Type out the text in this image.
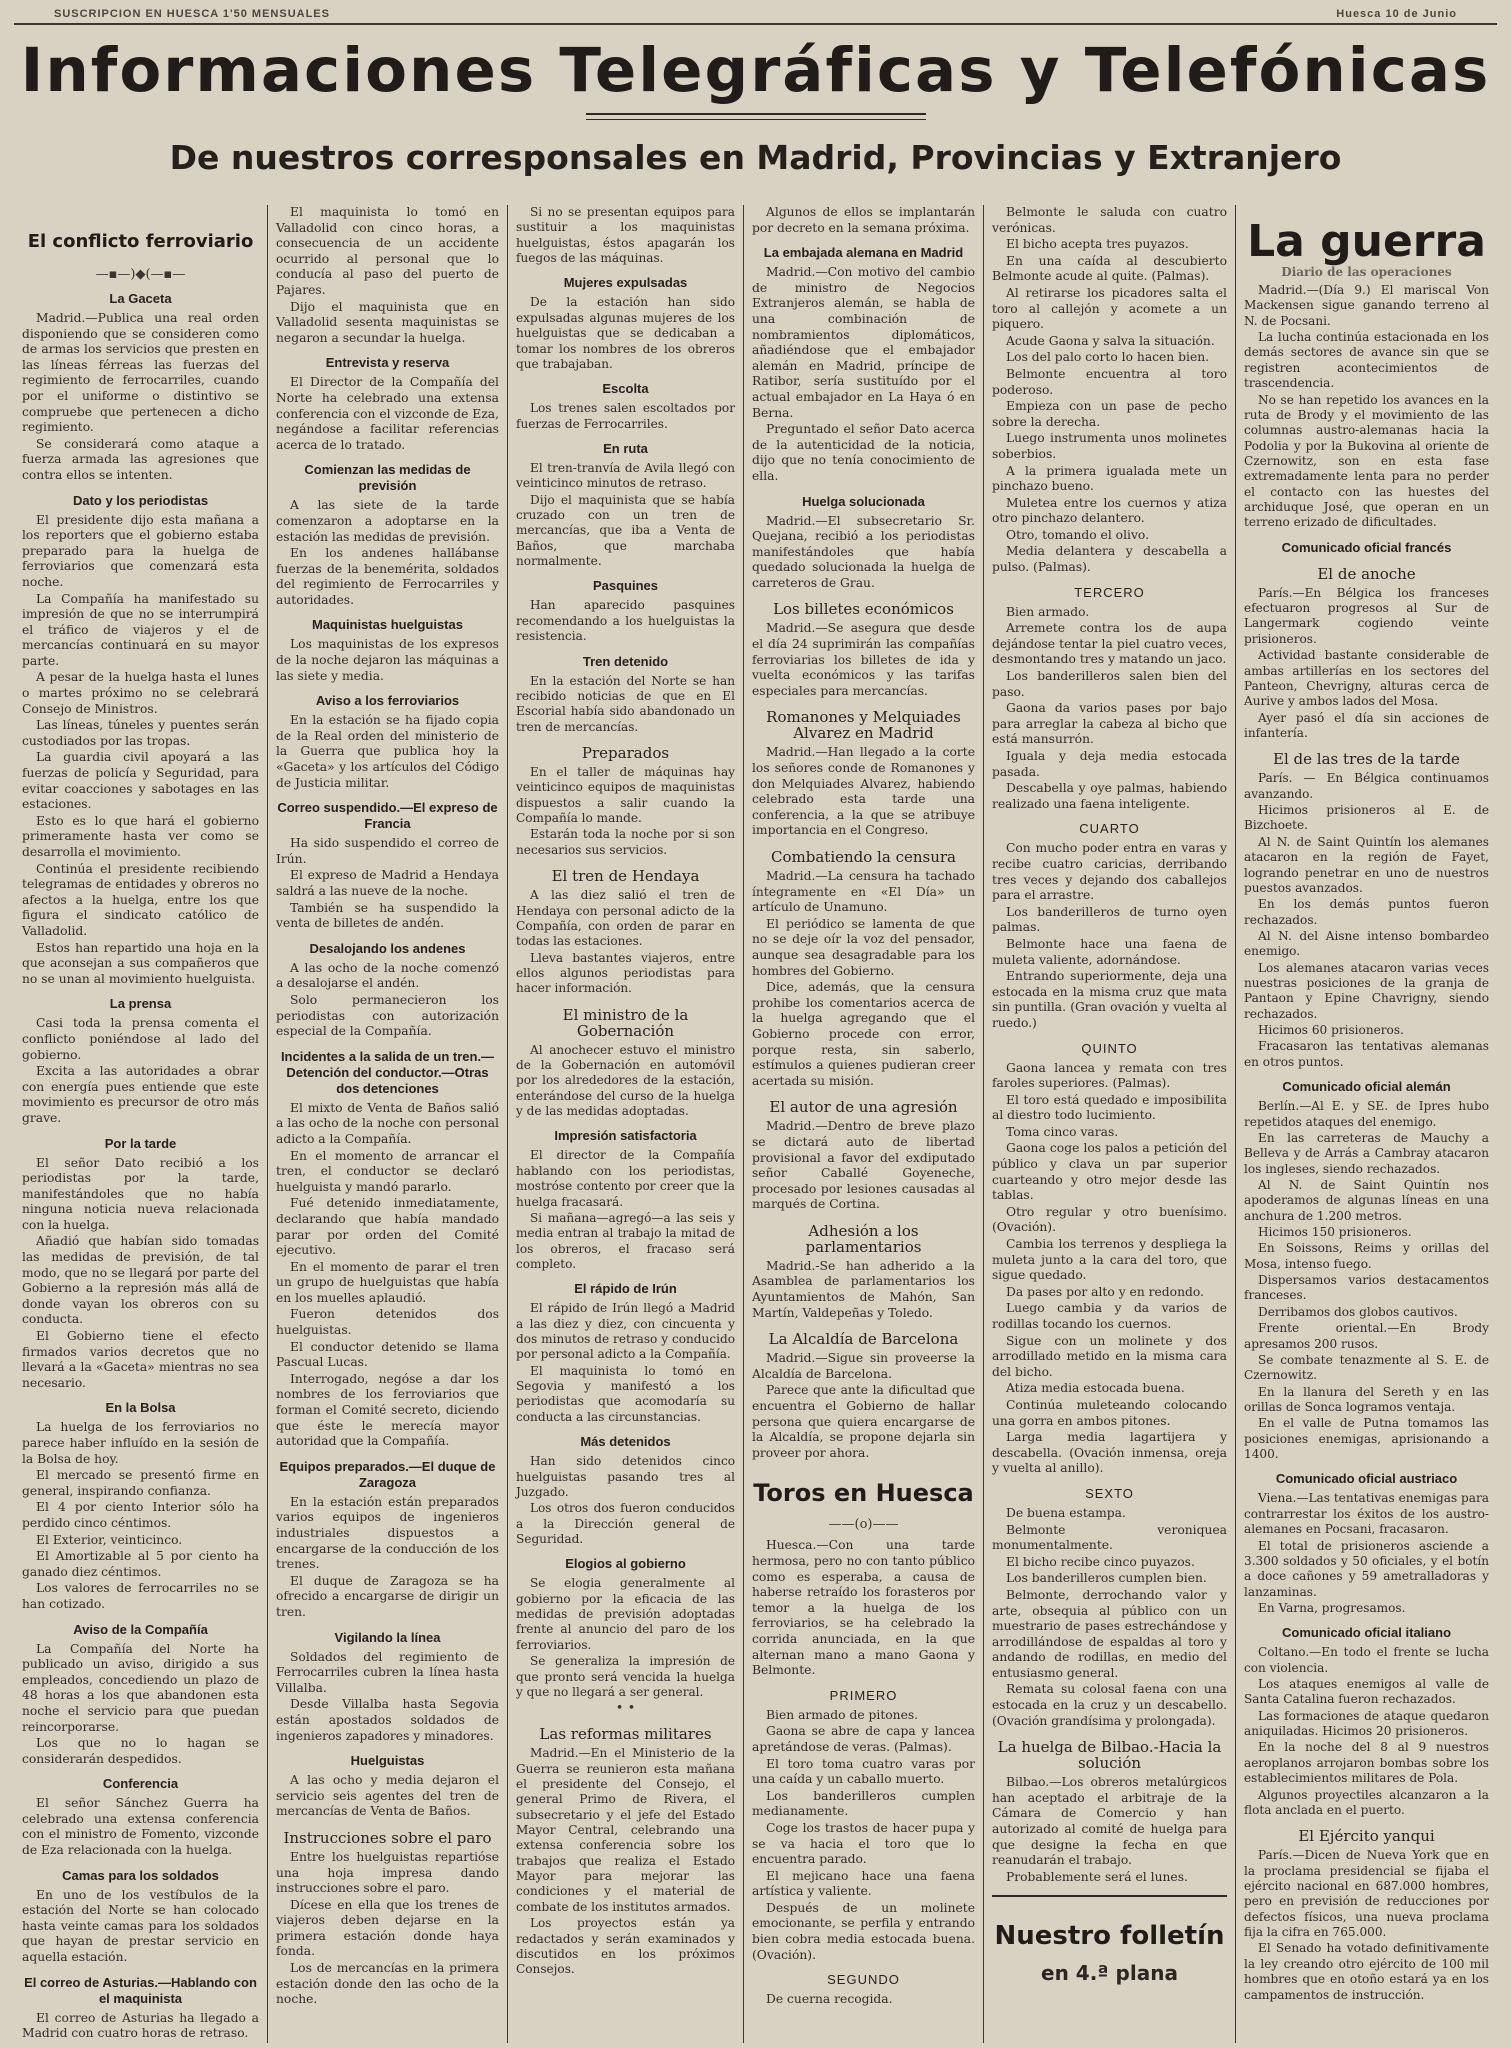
SUSCRIPCION EN HUESCA 1'50 MENSUALES	Huesca 10 de Junio
Informaciones Telegráficas y Telefónicas
De nuestros corresponsales en Madrid, Provincias y Extranjero
El conflicto ferroviario
—▪—)◆(—▪—
La Gaceta

Madrid.—Publica una real orden disponiendo que se consideren como de armas los servicios que presten en las líneas férreas las fuerzas del regimiento de ferrocarriles, cuando por el uniforme o distintivo se compruebe que pertenecen a dicho regimiento.

Se considerará como ataque a fuerza armada las agresiones que contra ellos se intenten.

Dato y los periodistas

El presidente dijo esta mañana a los reporters que el gobierno estaba preparado para la huelga de ferroviarios que comenzará esta noche.

La Compañía ha manifestado su impresión de que no se interrumpirá el tráfico de viajeros y el de mercancías continuará en su mayor parte.

A pesar de la huelga hasta el lunes o martes próximo no se celebrará Consejo de Ministros.

Las líneas, túneles y puentes serán custodiados por las tropas.

La guardia civil apoyará a las fuerzas de policía y Seguridad, para evitar coacciones y sabotages en las estaciones.

Esto es lo que hará el gobierno primeramente hasta ver como se desarrolla el movimiento.

Continúa el presidente recibiendo telegramas de entidades y obreros no afectos a la huelga, entre los que figura el sindicato católico de Valladolid.

Estos han repartido una hoja en la que aconsejan a sus compañeros que no se unan al movimiento huelguista.

La prensa

Casi toda la prensa comenta el conflicto poniéndose al lado del gobierno.

Excita a las autoridades a obrar con energía pues entiende que este movimiento es precursor de otro más grave.

Por la tarde

El señor Dato recibió a los periodistas por la tarde, manifestándoles que no había ninguna noticia nueva relacionada con la huelga.

Añadió que habían sido tomadas las medidas de previsión, de tal modo, que no se llegará por parte del Gobierno a la represión más allá de donde vayan los obreros con su conducta.

El Gobierno tiene el efecto firmados varios decretos que no llevará a la «Gaceta» mientras no sea necesario.

En la Bolsa

La huelga de los ferroviarios no parece haber influído en la sesión de la Bolsa de hoy.

El mercado se presentó firme en general, inspirando confianza.

El 4 por ciento Interior sólo ha perdido cinco céntimos.

El Exterior, veinticinco.

El Amortizable al 5 por ciento ha ganado diez céntimos.

Los valores de ferrocarriles no se han cotizado.

Aviso de la Compañía

La Compañía del Norte ha publicado un aviso, dirigido a sus empleados, concediendo un plazo de 48 horas a los que abandonen esta noche el servicio para que puedan reincorporarse.

Los que no lo hagan se considerarán despedidos.

Conferencia

El señor Sánchez Guerra ha celebrado una extensa conferencia con el ministro de Fomento, vizconde de Eza relacionada con la huelga.

Camas para los soldados

En uno de los vestíbulos de la estación del Norte se han colocado hasta veinte camas para los soldados que hayan de prestar servicio en aquella estación.

El correo de Asturias.—Hablando con el maquinista

El correo de Asturias ha llegado a Madrid con cuatro horas de retraso.

El maquinista lo tomó en Valladolid con cinco horas, a consecuencia de un accidente ocurrido al personal que lo conducía al paso del puerto de Pajares.

Dijo el maquinista que en Valladolid sesenta maquinistas se negaron a secundar la huelga.

Entrevista y reserva

El Director de la Compañía del Norte ha celebrado una extensa conferencia con el vizconde de Eza, negándose a facilitar referencias acerca de lo tratado.

Comienzan las medidas de previsión

A las siete de la tarde comenzaron a adoptarse en la estación las medidas de previsión.

En los andenes hallábanse fuerzas de la benemérita, soldados del regimiento de Ferrocarriles y autoridades.

Maquinistas huelguistas

Los maquinistas de los expresos de la noche dejaron las máquinas a las siete y media.

Aviso a los ferroviarios

En la estación se ha fijado copia de la Real orden del ministerio de la Guerra que publica hoy la «Gaceta» y los artículos del Código de Justicia militar.

Correo suspendido.—El expreso de Francia

Ha sido suspendido el correo de Irún.

El expreso de Madrid a Hendaya saldrá a las nueve de la noche.

También se ha suspendido la venta de billetes de andén.

Desalojando los andenes

A las ocho de la noche comenzó a desalojarse el andén.

Solo permanecieron los periodistas con autorización especial de la Compañía.

Incidentes a la salida de un tren.—Detención del conductor.—Otras dos detenciones

El mixto de Venta de Baños salió a las ocho de la noche con personal adicto a la Compañía.

En el momento de arrancar el tren, el conductor se declaró huelguista y mandó pararlo.

Fué detenido inmediatamente, declarando que había mandado parar por orden del Comité ejecutivo.

En el momento de parar el tren un grupo de huelguistas que había en los muelles aplaudió.

Fueron detenidos dos huelguistas.

El conductor detenido se llama Pascual Lucas.

Interrogado, negóse a dar los nombres de los ferroviarios que forman el Comité secreto, diciendo que éste le merecía mayor autoridad que la Compañía.

Equipos preparados.—El duque de Zaragoza

En la estación están preparados varios equipos de ingenieros industriales dispuestos a encargarse de la conducción de los trenes.

El duque de Zaragoza se ha ofrecido a encargarse de dirigir un tren.

Vigilando la línea

Soldados del regimiento de Ferrocarriles cubren la línea hasta Villalba.

Desde Villalba hasta Segovia están apostados soldados de ingenieros zapadores y minadores.

Huelguistas

A las ocho y media dejaron el servicio seis agentes del tren de mercancías de Venta de Baños.

Instrucciones sobre el paro

Entre los huelguistas repartióse una hoja impresa dando instrucciones sobre el paro.

Dícese en ella que los trenes de viajeros deben dejarse en la primera estación donde haya fonda.

Los de mercancías en la primera estación donde den las ocho de la noche.

Si no se presentan equipos para sustituir a los maquinistas huelguistas, éstos apagarán los fuegos de las máquinas.

Mujeres expulsadas

De la estación han sido expulsadas algunas mujeres de los huelguistas que se dedicaban a tomar los nombres de los obreros que trabajaban.

Escolta

Los trenes salen escoltados por fuerzas de Ferrocarriles.

En ruta

El tren-tranvía de Avila llegó con veinticinco minutos de retraso.

Dijo el maquinista que se había cruzado con un tren de mercancías, que iba a Venta de Baños, que marchaba normalmente.

Pasquines

Han aparecido pasquines recomendando a los huelguistas la resistencia.

Tren detenido

En la estación del Norte se han recibido noticias de que en El Escorial había sido abandonado un tren de mercancías.

Preparados

En el taller de máquinas hay veinticinco equipos de maquinistas dispuestos a salir cuando la Compañía lo mande.

Estarán toda la noche por si son necesarios sus servicios.

El tren de Hendaya

A las diez salió el tren de Hendaya con personal adicto de la Compañía, con orden de parar en todas las estaciones.

Lleva bastantes viajeros, entre ellos algunos periodistas para hacer información.

El ministro de la Gobernación

Al anochecer estuvo el ministro de la Gobernación en automóvil por los alrededores de la estación, enterándose del curso de la huelga y de las medidas adoptadas.

Impresión satisfactoria

El director de la Compañía hablando con los periodistas, mostróse contento por creer que la huelga fracasará.

Si mañana—agregó—a las seis y media entran al trabajo la mitad de los obreros, el fracaso será completo.

El rápido de Irún

El rápido de Irún llegó a Madrid a las diez y diez, con cincuenta y dos minutos de retraso y conducido por personal adicto a la Compañía.

El maquinista lo tomó en Segovia y manifestó a los periodistas que acomodaría su conducta a las circunstancias.

Más detenidos

Han sido detenidos cinco huelguistas pasando tres al Juzgado.

Los otros dos fueron conducidos a la Dirección general de Seguridad.

Elogios al gobierno

Se elogia generalmente al gobierno por la eficacia de las medidas de previsión adoptadas frente al anuncio del paro de los ferroviarios.

Se generaliza la impresión de que pronto será vencida la huelga y que no llegará a ser general.

• •
Las reformas militares

Madrid.—En el Ministerio de la Guerra se reunieron esta mañana el presidente del Consejo, el general Primo de Rivera, el subsecretario y el jefe del Estado Mayor Central, celebrando una extensa conferencia sobre los trabajos que realiza el Estado Mayor para mejorar las condiciones y el material de combate de los institutos armados.

Los proyectos están ya redactados y serán examinados y discutidos en los próximos Consejos.

Algunos de ellos se implantarán por decreto en la semana próxima.

La embajada alemana en Madrid

Madrid.—Con motivo del cambio de ministro de Negocios Extranjeros alemán, se habla de una combinación de nombramientos diplomáticos, añadiéndose que el embajador alemán en Madrid, príncipe de Ratibor, sería sustituído por el actual embajador en La Haya ó en Berna.

Preguntado el señor Dato acerca de la autenticidad de la noticia, dijo que no tenía conocimiento de ella.

Huelga solucionada

Madrid.—El subsecretario Sr. Quejana, recibió a los periodistas manifestándoles que había quedado solucionada la huelga de carreteros de Grau.

Los billetes económicos

Madrid.—Se asegura que desde el día 24 suprimirán las compañías ferroviarias los billetes de ida y vuelta económicos y las tarifas especiales para mercancías.

Romanones y Melquiades Alvarez en Madrid

Madrid.—Han llegado a la corte los señores conde de Romanones y don Melquiades Alvarez, habiendo celebrado esta tarde una conferencia, a la que se atribuye importancia en el Congreso.

Combatiendo la censura

Madrid.—La censura ha tachado íntegramente en «El Día» un artículo de Unamuno.

El periódico se lamenta de que no se deje oír la voz del pensador, aunque sea desagradable para los hombres del Gobierno.

Dice, además, que la censura prohibe los comentarios acerca de la huelga agregando que el Gobierno procede con error, porque resta, sin saberlo, estímulos a quienes pudieran creer acertada su misión.

El autor de una agresión

Madrid.—Dentro de breve plazo se dictará auto de libertad provisional a favor del exdiputado señor Caballé Goyeneche, procesado por lesiones causadas al marqués de Cortina.

Adhesión a los parlamentarios

Madrid.-Se han adherido a la Asamblea de parlamentarios los Ayuntamientos de Mahón, San Martín, Valdepeñas y Toledo.

La Alcaldía de Barcelona

Madrid.—Sigue sin proveerse la Alcaldía de Barcelona.

Parece que ante la dificultad que encuentra el Gobierno de hallar persona que quiera encargarse de la Alcaldía, se propone dejarla sin proveer por ahora.

Toros en Huesca
——(o)——

Huesca.—Con una tarde hermosa, pero no con tanto público como es esperaba, a causa de haberse retraído los forasteros por temor a la huelga de los ferroviarios, se ha celebrado la corrida anunciada, en la que alternan mano a mano Gaona y Belmonte.

PRIMERO

Bien armado de pitones.

Gaona se abre de capa y lancea apretándose de veras. (Palmas).

El toro toma cuatro varas por una caída y un caballo muerto.

Los banderilleros cumplen medianamente.

Coge los trastos de hacer pupa y se va hacia el toro que lo encuentra parado.

El mejicano hace una faena artística y valiente.

Después de un molinete emocionante, se perfila y entrando bien cobra media estocada buena. (Ovación).

SEGUNDO

De cuerna recogida.

Belmonte le saluda con cuatro verónicas.

El bicho acepta tres puyazos.

En una caída al descubierto Belmonte acude al quite. (Palmas).

Al retirarse los picadores salta el toro al callejón y acomete a un piquero.

Acude Gaona y salva la situación.

Los del palo corto lo hacen bien.

Belmonte encuentra al toro poderoso.

Empieza con un pase de pecho sobre la derecha.

Luego instrumenta unos molinetes soberbios.

A la primera igualada mete un pinchazo bueno.

Muletea entre los cuernos y atiza otro pinchazo delantero.

Otro, tomando el olivo.

Media delantera y descabella a pulso. (Palmas).

TERCERO

Bien armado.

Arremete contra los de aupa dejándose tentar la piel cuatro veces, desmontando tres y matando un jaco.

Los banderilleros salen bien del paso.

Gaona da varios pases por bajo para arreglar la cabeza al bicho que está mansurrón.

Iguala y deja media estocada pasada.

Descabella y oye palmas, habiendo realizado una faena inteligente.

CUARTO

Con mucho poder entra en varas y recibe cuatro caricias, derribando tres veces y dejando dos caballejos para el arrastre.

Los banderilleros de turno oyen palmas.

Belmonte hace una faena de muleta valiente, adornándose.

Entrando superiormente, deja una estocada en la misma cruz que mata sin puntilla. (Gran ovación y vuelta al ruedo.)

QUINTO

Gaona lancea y remata con tres faroles superiores. (Palmas).

El toro está quedado e imposibilita al diestro todo lucimiento.

Toma cinco varas.

Gaona coge los palos a petición del público y clava un par superior cuarteando y otro mejor desde las tablas.

Otro regular y otro buenísimo. (Ovación).

Cambia los terrenos y despliega la muleta junto a la cara del toro, que sigue quedado.

Da pases por alto y en redondo.

Luego cambia y da varios de rodillas tocando los cuernos.

Sigue con un molinete y dos arrodillado metido en la misma cara del bicho.

Atiza media estocada buena.

Continúa muleteando colocando una gorra en ambos pitones.

Larga media lagartijera y descabella. (Ovación inmensa, oreja y vuelta al anillo).

SEXTO

De buena estampa.

Belmonte veroniquea monumentalmente.

El bicho recibe cinco puyazos.

Los banderilleros cumplen bien.

Belmonte, derrochando valor y arte, obsequia al público con un muestrario de pases estrechándose y arrodillándose de espaldas al toro y andando de rodillas, en medio del entusiasmo general.

Remata su colosal faena con una estocada en la cruz y un descabello. (Ovación grandísima y prolongada).

La huelga de Bilbao.-Hacia la solución

Bilbao.—Los obreros metalúrgicos han aceptado el arbitraje de la Cámara de Comercio y han autorizado al comité de huelga para que designe la fecha en que reanudarán el trabajo.

Probablemente será el lunes.

Nuestro folletín
en 4.ª plana
La guerra
Diario de las operaciones

Madrid.—(Día 9.) El mariscal Von Mackensen sigue ganando terreno al N. de Pocsani.

La lucha continúa estacionada en los demás sectores de avance sin que se registren acontecimientos de trascendencia.

No se han repetido los avances en la ruta de Brody y el movimiento de las columnas austro-alemanas hacia la Podolia y por la Bukovina al oriente de Czernowitz, son en esta fase extremadamente lenta para no perder el contacto con las huestes del archiduque José, que operan en un terreno erizado de dificultades.

Comunicado oficial francés
El de anoche

París.—En Bélgica los franceses efectuaron progresos al Sur de Langermark cogiendo veinte prisioneros.

Actividad bastante considerable de ambas artillerías en los sectores del Panteon, Chevrigny, alturas cerca de Aurive y ambos lados del Mosa.

Ayer pasó el día sin acciones de infantería.

El de las tres de la tarde

París. — En Bélgica continuamos avanzando.

Hicimos prisioneros al E. de Bizchoete.

Al N. de Saint Quintín los alemanes atacaron en la región de Fayet, logrando penetrar en uno de nuestros puestos avanzados.

En los demás puntos fueron rechazados.

Al N. del Aisne intenso bombardeo enemigo.

Los alemanes atacaron varias veces nuestras posiciones de la granja de Pantaon y Epine Chavrigny, siendo rechazados.

Hicimos 60 prisioneros.

Fracasaron las tentativas alemanas en otros puntos.

Comunicado oficial alemán

Berlín.—Al E. y SE. de Ipres hubo repetidos ataques del enemigo.

En las carreteras de Mauchy a Belleva y de Arrás a Cambray atacaron los ingleses, siendo rechazados.

Al N. de Saint Quintín nos apoderamos de algunas líneas en una anchura de 1.200 metros.

Hicimos 150 prisioneros.

En Soissons, Reims y orillas del Mosa, intenso fuego.

Dispersamos varios destacamentos franceses.

Derribamos dos globos cautivos.

Frente oriental.—En Brody apresamos 200 rusos.

Se combate tenazmente al S. E. de Czernowitz.

En la llanura del Sereth y en las orillas de Sonca logramos ventaja.

En el valle de Putna tomamos las posiciones enemigas, aprisionando a 1400.

Comunicado oficial austriaco

Viena.—Las tentativas enemigas para contrarrestar los éxitos de los austro-alemanes en Pocsani, fracasaron.

El total de prisioneros asciende a 3.300 soldados y 50 oficiales, y el botín a doce cañones y 59 ametralladoras y lanzaminas.

En Varna, progresamos.

Comunicado oficial italiano

Coltano.—En todo el frente se lucha con violencia.

Los ataques enemigos al valle de Santa Catalina fueron rechazados.

Las formaciones de ataque quedaron aniquiladas. Hicimos 20 prisioneros.

En la noche del 8 al 9 nuestros aeroplanos arrojaron bombas sobre los establecimientos militares de Pola.

Algunos proyectiles alcanzaron a la flota anclada en el puerto.

El Ejército yanqui

París.—Dicen de Nueva York que en la proclama presidencial se fijaba el ejército nacional en 687.000 hombres, pero en previsión de reducciones por defectos físicos, una nueva proclama fija la cifra en 765.000.

El Senado ha votado definitivamente la ley creando otro ejército de 100 mil hombres que en otoño estará ya en los campamentos de instrucción.
